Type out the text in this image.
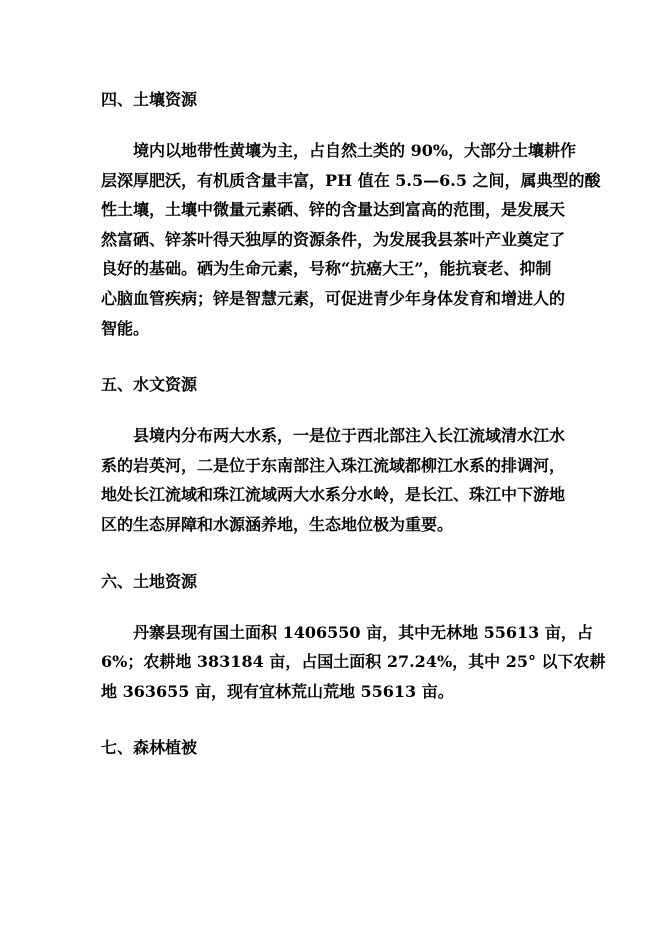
四、土壤资源

境内以地带性黄壤为主，占自然土类的 90%，大部分土壤耕作
层深厚肥沃，有机质含量丰富，PH 值在 5.5—6.5 之间，属典型的酸
性土壤，土壤中微量元素硒、锌的含量达到富高的范围，是发展天
然富硒、锌茶叶得天独厚的资源条件，为发展我县茶叶产业奠定了
良好的基础。硒为生命元素，号称“抗癌大王”，能抗衰老、抑制
心脑血管疾病；锌是智慧元素，可促进青少年身体发育和增进人的
智能。

五、水文资源

县境内分布两大水系，一是位于西北部注入长江流域清水江水
系的岩英河，二是位于东南部注入珠江流域都柳江水系的排调河，
地处长江流域和珠江流域两大水系分水岭，是长江、珠江中下游地
区的生态屏障和水源涵养地，生态地位极为重要。

六、土地资源

丹寨县现有国土面积 1406550 亩，其中无林地 55613 亩，占
6%；农耕地 383184 亩，占国土面积 27.24%，其中 25° 以下农耕
地 363655 亩，现有宜林荒山荒地 55613 亩。

七、森林植被
